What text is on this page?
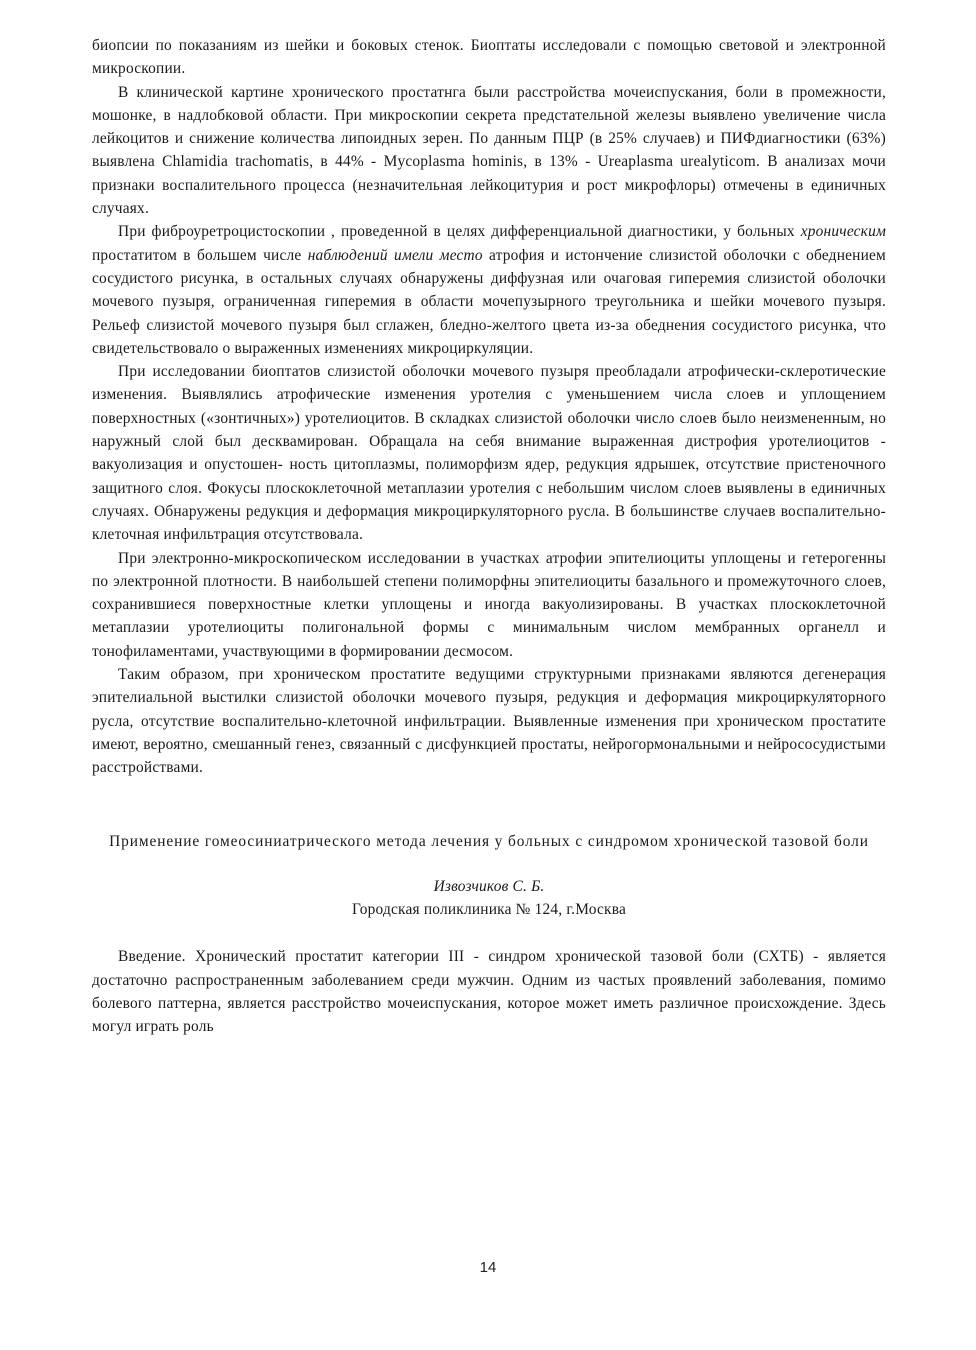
биопсии по показаниям из шейки и боковых стенок. Биоптаты исследовали с помощью световой и электронной микроскопии.

В клинической картине хронического простатнга были расстройства мочеиспускания, боли в промежности, мошонке, в надлобковой области. При микроскопии секрета предстательной железы выявлено увеличение числа лейкоцитов и снижение количества липоидных зерен. По данным ПЦР (в 25% случаев) и ПИФдиагностики (63%) выявлена Chlamidia trachomatis, в 44% - Mycoplasma hominis, в 13% - Ureaplasma urealyticom. В анализах мочи признаки воспалительного процесса (незначительная лейкоцитурия и рост микрофлоры) отмечены в единичных случаях.

При фиброуретроцистоскопии , проведенной в целях дифференциальной диагностики, у больных хроническим простатитом в большем числе наблюдений имели место атрофия и истончение слизистой оболочки с обеднением сосудистого рисунка, в остальных случаях обнаружены диффузная или очаговая гиперемия слизистой оболочки мочевого пузыря, ограниченная гиперемия в области мочепузырного треугольника и шейки мочевого пузыря. Рельеф слизистой мочевого пузыря был сглажен, бледно-желтого цвета из-за обеднения сосудистого рисунка, что свидетельствовало о выраженных изменениях микроциркуляции.

При исследовании биоптатов слизистой оболочки мочевого пузыря преобладали атрофически-склеротические изменения. Выявлялись атрофические изменения уротелия с уменьшением числа слоев и уплощением поверхностных («зонтичных») уротелиоцитов. В складках слизистой оболочки число слоев было неизмененным, но наружный слой был десквамирован. Обращала на себя внимание выраженная дистрофия уротелиоцитов - вакуолизация и опустошен- ность цитоплазмы, полиморфизм ядер, редукция ядрышек, отсутствие пристеночного защитного слоя. Фокусы плоскоклеточной метаплазии уротелия с небольшим числом слоев выявлены в единичных случаях. Обнаружены редукция и деформация микроциркуляторного русла. В большинстве случаев воспалительно-клеточная инфильтрация отсутствовала.

При электронно-микроскопическом исследовании в участках атрофии эпителиоциты уплощены и гетерогенны по электронной плотности. В наибольшей степени полиморфны эпителиоциты базального и промежуточного слоев, сохранившиеся поверхностные клетки уплощены и иногда вакуолизированы. В участках плоскоклеточной метаплазии уротелиоциты полигональной формы с минимальным числом мембранных органелл и тонофиламентами, участвующими в формировании десмосом.

Таким образом, при хроническом простатите ведущими структурными признаками являются дегенерация эпителиальной выстилки слизистой оболочки мочевого пузыря, редукция и деформация микроциркуляторного русла, отсутствие воспалительно-клеточной инфильтрации. Выявленные изменения при хроническом простатите имеют, вероятно, смешанный генез, связанный с дисфункцией простаты, нейрогормональными и нейрососудистыми расстройствами.

Применение гомеосиниатрического метода лечения у больных с синдромом хронической тазовой боли

Извозчиков С. Б.

Городская поликлиника № 124, г.Москва

Введение. Хронический простатит категории III - синдром хронической тазовой боли (СХТБ) - является достаточно распространенным заболеванием среди мужчин. Одним из частых проявлений заболевания, помимо болевого паттерна, является расстройство мочеиспускания, которое может иметь различное происхождение. Здесь могул играть роль

14
